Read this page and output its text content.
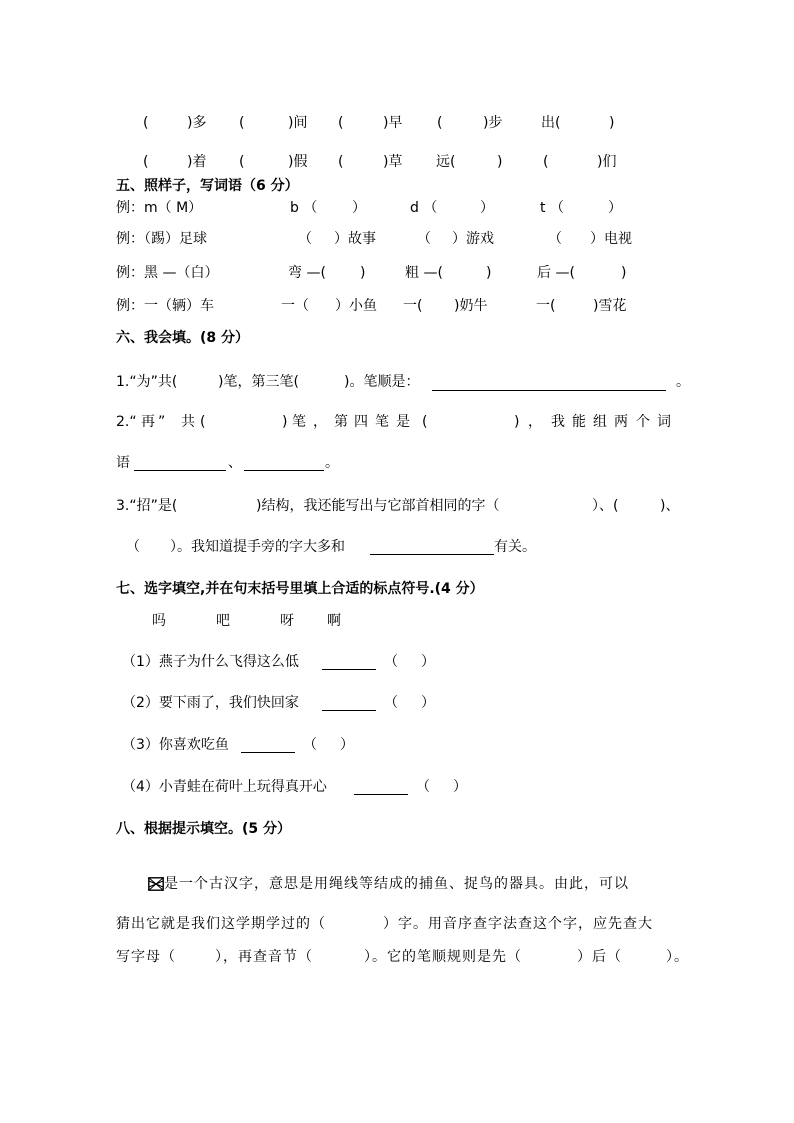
(

	)多

(

	)间

(

	)早

(

	)步

	出(

	)

(

	)着

(

	)假

(

	)草

远(

	)

	(

	)们

五、照样子，写词语（6 分）

例：m（ M）

	b （

）

	d （

	）

	t （

	）

例：（踢）足球

	（

）故事

	（

）游戏

	（

）电视

例：黑 —（白）

	弯 —(

)

	粗 —(

	)

	后 —(

	)

例：一（辆）车

	一（

）小鱼

一(

)奶牛

	一(

	)雪花

六、我会填。(8 分）

1.“为”共(

	)笔，第三笔(

	)。笔顺是：

	。

2.“

再

”

共

(

	)

笔

，

第

四

笔

是

(

	)

，

我

能

组

两

个

词

语

	、

	。

3.“招”是(

	)结构，我还能写出与它部首相同的字（

	）、(

	)、

（

）。我知道提手旁的字大多和

	有关。

七、选字填空,并在句末括号里填上合适的标点符号.(4 分）

吗

	吧

	呀

啊

（1）燕子为什么飞得这么低

	（

）

（2）要下雨了，我们快回家

	（

）

（3）你喜欢吃鱼

	（

）

（4）小青蛙在荷叶上玩得真开心

	（

）

八、根据提示填空。(5 分）

是一个古汉字，意思是用绳线等结成的捕鱼、捉鸟的器具。由此，可以

猜出它就是我们这学期学过的（

	）字。用音序查字法查这个字，应先查大

写字母（

	），再查音节（

	）。它的笔顺规则是先（

	）后（

	）。
